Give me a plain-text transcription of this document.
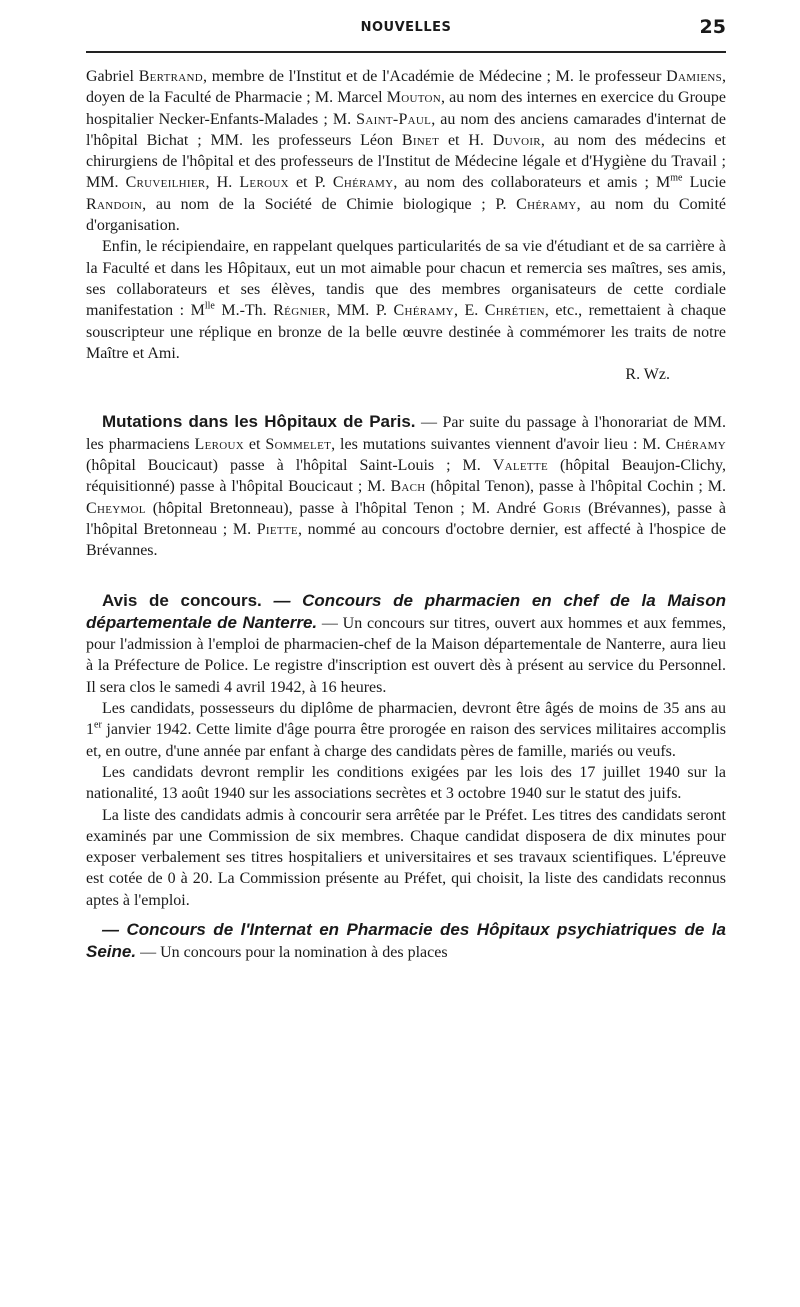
NOUVELLES	25

Gabriel Bertrand, membre de l'Institut et de l'Académie de Médecine ; M. le professeur Damiens, doyen de la Faculté de Pharmacie ; M. Marcel Mouton, au nom des internes en exercice du Groupe hospitalier Necker-Enfants-Malades ; M. Saint-Paul, au nom des anciens camarades d'internat de l'hôpital Bichat ; MM. les professeurs Léon Binet et H. Duvoir, au nom des médecins et chirurgiens de l'hôpital et des professeurs de l'Institut de Médecine légale et d'Hygiène du Travail ; MM. Cruveilhier, H. Leroux et P. Chéramy, au nom des collaborateurs et amis ; $M^{me}$ Lucie Randoin, au nom de la Société de Chimie biologique ; P. Chéramy, au nom du Comité d'organisation.

Enfin, le récipiendaire, en rappelant quelques particularités de sa vie d'étudiant et de sa carrière à la Faculté et dans les Hôpitaux, eut un mot aimable pour chacun et remercia ses maîtres, ses amis, ses collaborateurs et ses élèves, tandis que des membres organisateurs de cette cordiale manifestation : $M^{lle}$ M.-Th. Régnier, MM. P. Chéramy, E. Chrétien, etc., remettaient à chaque souscripteur une réplique en bronze de la belle œuvre destinée à commémorer les traits de notre Maître et Ami.

R. Wz.

Mutations dans les Hôpitaux de Paris. — Par suite du passage à l'honorariat de MM. les pharmaciens Leroux et Sommelet, les mutations suivantes viennent d'avoir lieu : M. Chéramy (hôpital Boucicaut) passe à l'hôpital Saint-Louis ; M. Valette (hôpital Beaujon-Clichy, réquisitionné) passe à l'hôpital Boucicaut ; M. Bach (hôpital Tenon), passe à l'hôpital Cochin ; M. Cheymol (hôpital Bretonneau), passe à l'hôpital Tenon ; M. André Goris (Brévannes), passe à l'hôpital Bretonneau ; M. Piette, nommé au concours d'octobre dernier, est affecté à l'hospice de Brévannes.

Avis de concours. — Concours de pharmacien en chef de la Maison départementale de Nanterre. — Un concours sur titres, ouvert aux hommes et aux femmes, pour l'admission à l'emploi de pharmacien-chef de la Maison départementale de Nanterre, aura lieu à la Préfecture de Police. Le registre d'inscription est ouvert dès à présent au service du Personnel. Il sera clos le samedi 4 avril 1942, à 16 heures.

Les candidats, possesseurs du diplôme de pharmacien, devront être âgés de moins de 35 ans au 1er janvier 1942. Cette limite d'âge pourra être prorogée en raison des services militaires accomplis et, en outre, d'une année par enfant à charge des candidats pères de famille, mariés ou veufs.

Les candidats devront remplir les conditions exigées par les lois des 17 juillet 1940 sur la nationalité, 13 août 1940 sur les associations secrètes et 3 octobre 1940 sur le statut des juifs.

La liste des candidats admis à concourir sera arrêtée par le Préfet. Les titres des candidats seront examinés par une Commission de six membres. Chaque candidat disposera de dix minutes pour exposer verbalement ses titres hospitaliers et universitaires et ses travaux scientifiques. L'épreuve est cotée de 0 à 20. La Commission présente au Préfet, qui choisit, la liste des candidats reconnus aptes à l'emploi.

— Concours de l'Internat en Pharmacie des Hôpitaux psychiatriques de la Seine. — Un concours pour la nomination à des places
